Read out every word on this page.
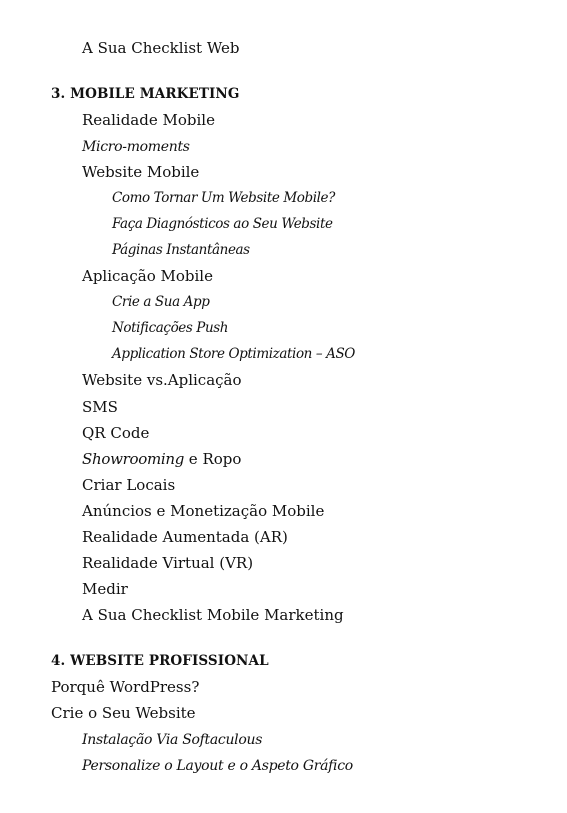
A Sua Checklist Web
3. MOBILE MARKETING
Realidade Mobile
Micro-moments
Website Mobile
Como Tornar Um Website Mobile?
Faça Diagnósticos ao Seu Website
Páginas Instantâneas
Aplicação Mobile
Crie a Sua App
Notificações Push
Application Store Optimization – ASO
Website vs.Aplicação
SMS
QR Code
Showrooming e Ropo
Criar Locais
Anúncios e Monetização Mobile
Realidade Aumentada (AR)
Realidade Virtual (VR)
Medir
A Sua Checklist Mobile Marketing
4. WEBSITE PROFISSIONAL
Porquê WordPress?
Crie o Seu Website
Instalação Via Softaculous
Personalize o Layout e o Aspeto Gráfico
